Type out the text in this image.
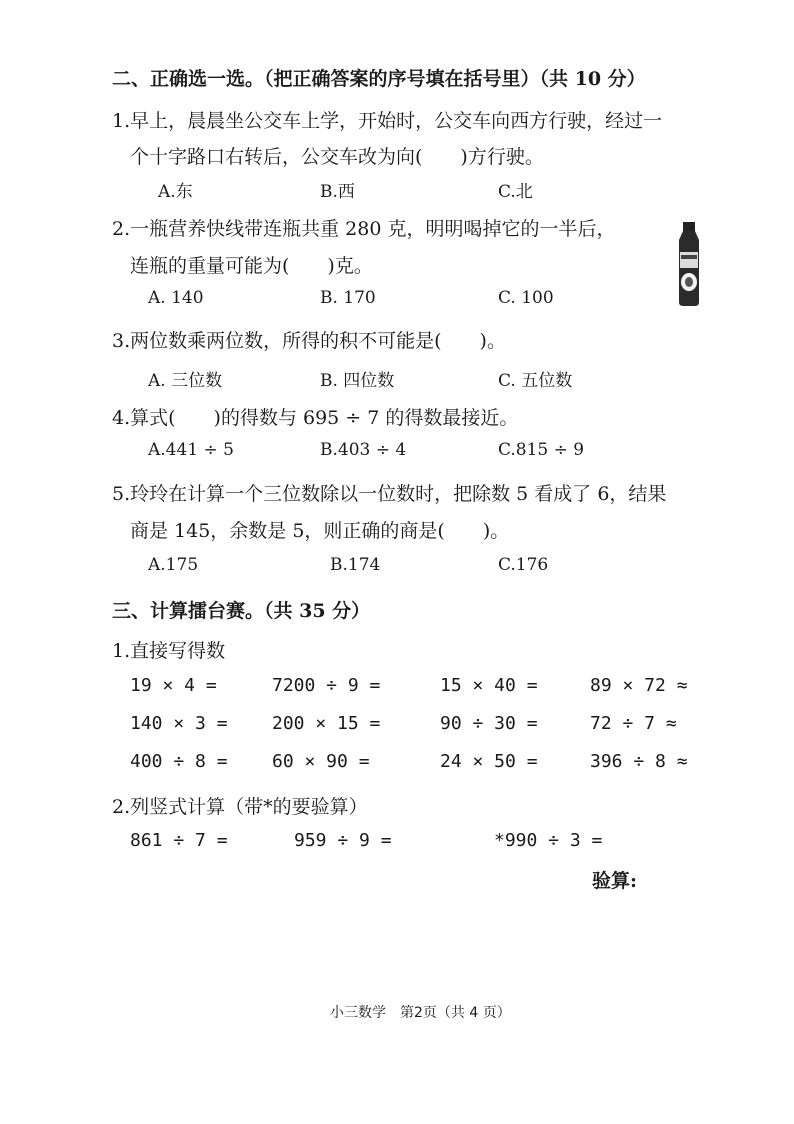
二、正确选一选。（把正确答案的序号填在括号里）（共 10 分）
1.早上，晨晨坐公交车上学，开始时，公交车向西方行驶，经过一
个十字路口右转后，公交车改为向(　　)方行驶。
A.东	B.西	C.北
2.一瓶营养快线带连瓶共重 280 克，明明喝掉它的一半后，
连瓶的重量可能为(　　)克。
A. 140	B. 170	C. 100
3.两位数乘两位数，所得的积不可能是(　　)。
A. 三位数	B. 四位数	C. 五位数
4.算式(　　)的得数与 695 ÷ 7 的得数最接近。
A.441 ÷ 5	B.403 ÷ 4	C.815 ÷ 9
5.玲玲在计算一个三位数除以一位数时，把除数 5 看成了 6，结果
商是 145，余数是 5，则正确的商是(　　)。
A.175	B.174	C.176
三、计算擂台赛。（共 35 分）
1.直接写得数
19 × 4 =	7200 ÷ 9 =	15 × 40 =	89 × 72 ≈
140 × 3 = 200 × 15 =	90 ÷ 30 =	72 ÷ 7 ≈
400 ÷ 8 = 60 × 90 =	24 × 50 =	396 ÷ 8 ≈
2.列竖式计算（带*的要验算）
861 ÷ 7 =	959 ÷ 9 =	*990 ÷ 3 =
验算:
小三数学　第2页（共 4 页）
